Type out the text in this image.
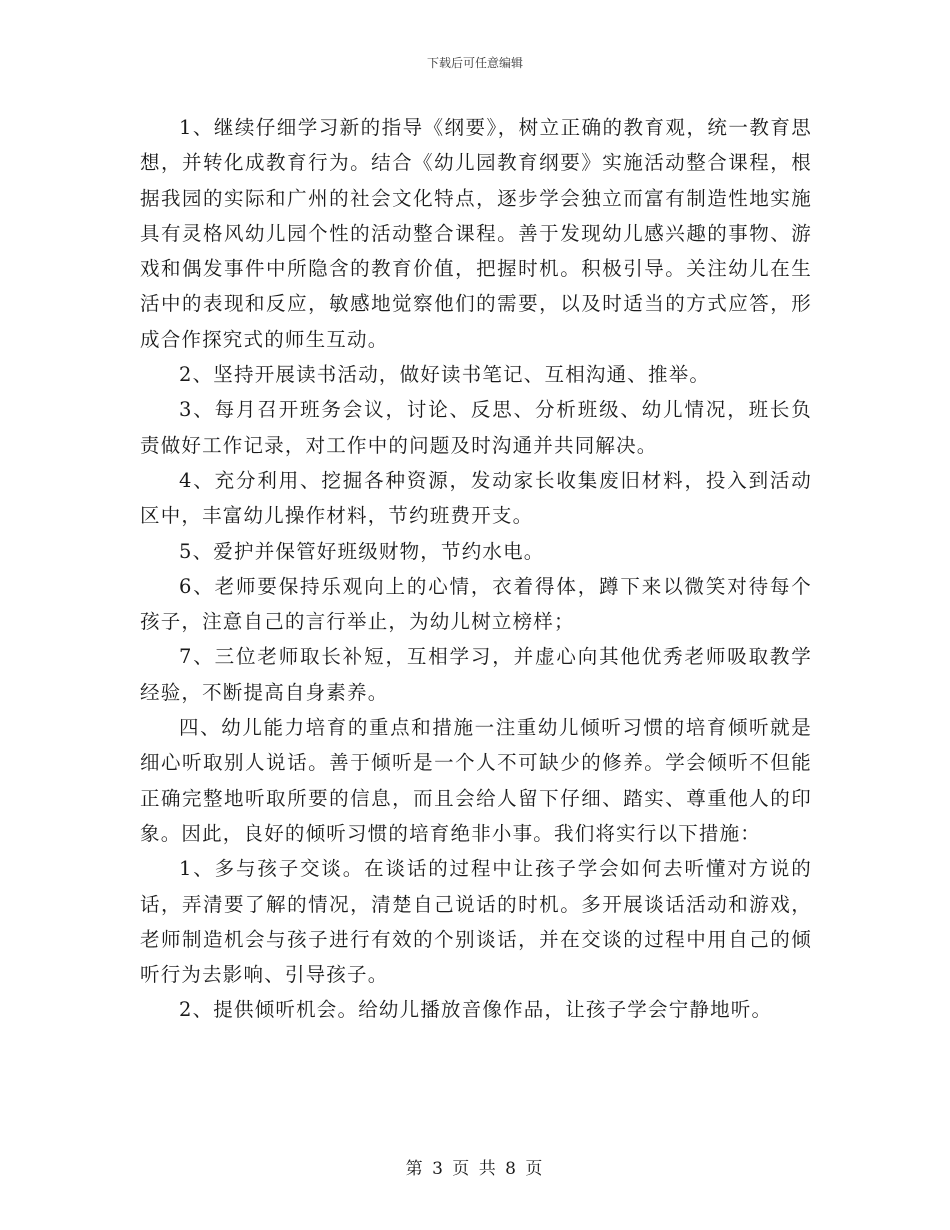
下载后可任意编辑

1、继续仔细学习新的指导《纲要》，树立正确的教育观，统一教育思想，并转化成教育行为。结合《幼儿园教育纲要》实施活动整合课程，根据我园的实际和广州的社会文化特点，逐步学会独立而富有制造性地实施具有灵格风幼儿园个性的活动整合课程。善于发现幼儿感兴趣的事物、游戏和偶发事件中所隐含的教育价值，把握时机。积极引导。关注幼儿在生活中的表现和反应，敏感地觉察他们的需要，以及时适当的方式应答，形成合作探究式的师生互动。

2、坚持开展读书活动，做好读书笔记、互相沟通、推举。

3、每月召开班务会议，讨论、反思、分析班级、幼儿情况，班长负责做好工作记录，对工作中的问题及时沟通并共同解决。

4、充分利用、挖掘各种资源，发动家长收集废旧材料，投入到活动区中，丰富幼儿操作材料，节约班费开支。

5、爱护并保管好班级财物，节约水电。

6、老师要保持乐观向上的心情，衣着得体，蹲下来以微笑对待每个孩子，注意自己的言行举止，为幼儿树立榜样；

7、三位老师取长补短，互相学习，并虚心向其他优秀老师吸取教学经验，不断提高自身素养。

四、幼儿能力培育的重点和措施一注重幼儿倾听习惯的培育倾听就是细心听取别人说话。善于倾听是一个人不可缺少的修养。学会倾听不但能正确完整地听取所要的信息，而且会给人留下仔细、踏实、尊重他人的印象。因此，良好的倾听习惯的培育绝非小事。我们将实行以下措施：

1、多与孩子交谈。在谈话的过程中让孩子学会如何去听懂对方说的话，弄清要了解的情况，清楚自己说话的时机。多开展谈话活动和游戏，老师制造机会与孩子进行有效的个别谈话，并在交谈的过程中用自己的倾听行为去影响、引导孩子。

2、提供倾听机会。给幼儿播放音像作品，让孩子学会宁静地听。

第 3 页 共 8 页
